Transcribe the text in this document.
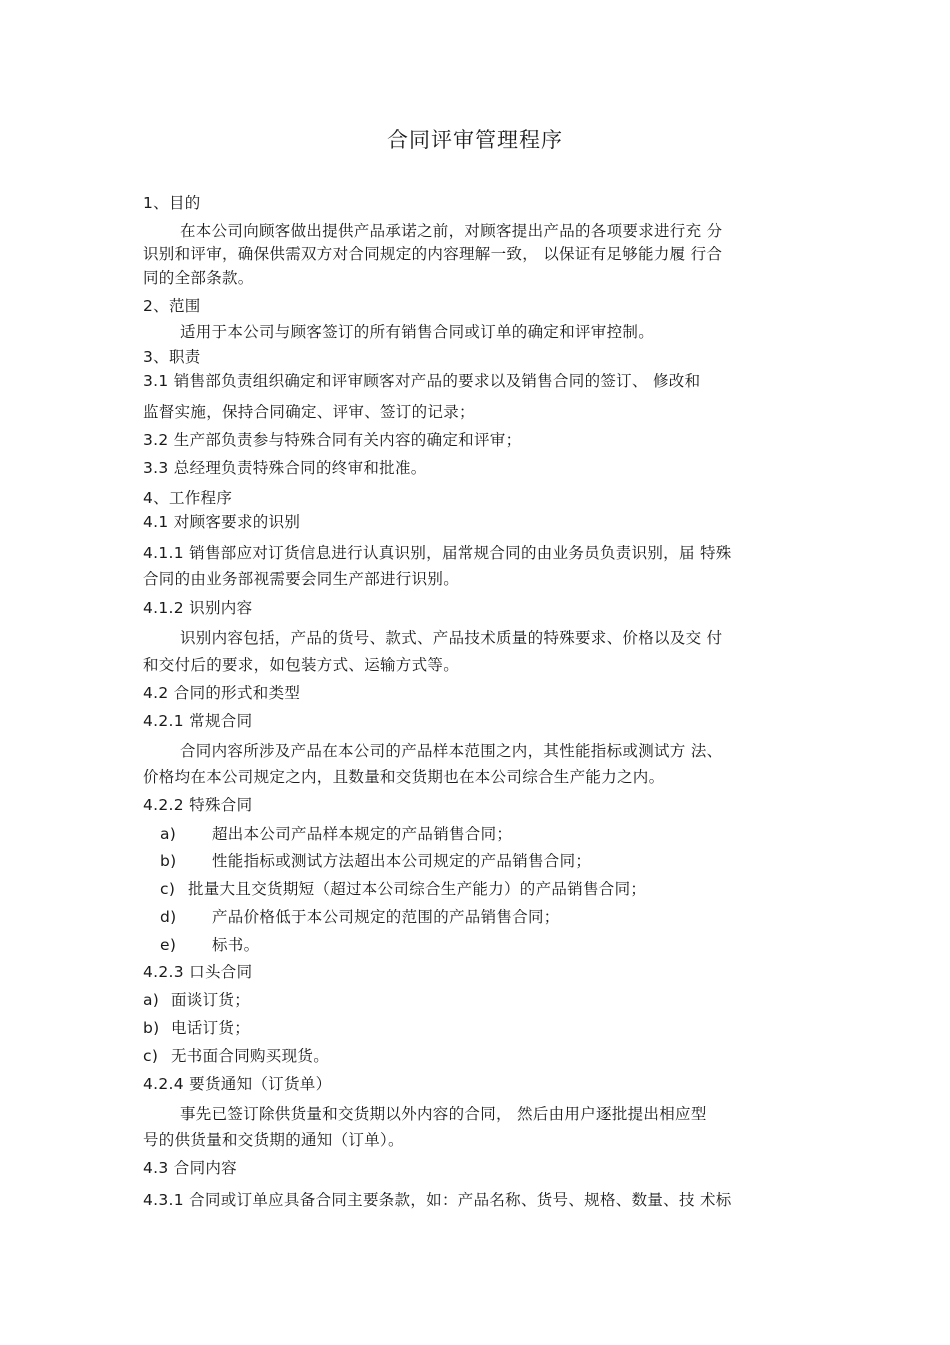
合同评审管理程序
1、目的
在本公司向顾客做出提供产品承诺之前，对顾客提出产品的各项要求进行充 分
识别和评审，确保供需双方对合同规定的内容理解一致， 以保证有足够能力履 行合
同的全部条款。
2、范围
适用于本公司与顾客签订的所有销售合同或订单的确定和评审控制。
3、职责
3.1 销售部负责组织确定和评审顾客对产品的要求以及销售合同的签订、 修改和
监督实施，保持合同确定、评审、签订的记录；
3.2 生产部负责参与特殊合同有关内容的确定和评审；
3.3 总经理负责特殊合同的终审和批准。
4、工作程序
4.1 对顾客要求的识别
4.1.1 销售部应对订货信息进行认真识别，届常规合同的由业务员负责识别，届 特殊
合同的由业务部视需要会同生产部进行识别。
4.1.2 识别内容
识别内容包括，产品的货号、款式、产品技术质量的特殊要求、价格以及交 付
和交付后的要求，如包装方式、运输方式等。
4.2 合同的形式和类型
4.2.1 常规合同
合同内容所涉及产品在本公司的产品样本范围之内，其性能指标或测试方 法、
价格均在本公司规定之内，且数量和交货期也在本公司综合生产能力之内。
4.2.2 特殊合同
a) 超出本公司产品样本规定的产品销售合同；
b) 性能指标或测试方法超出本公司规定的产品销售合同；
c) 批量大且交货期短（超过本公司综合生产能力）的产品销售合同；
d) 产品价格低于本公司规定的范围的产品销售合同；
e) 标书。
4.2.3 口头合同
a) 面谈订货；
b) 电话订货；
c) 无书面合同购买现货。
4.2.4 要货通知（订货单）
事先已签订除供货量和交货期以外内容的合同， 然后由用户逐批提出相应型
号的供货量和交货期的通知（订单）。
4.3 合同内容
4.3.1 合同或订单应具备合同主要条款，如：产品名称、货号、规格、数量、技 术标
